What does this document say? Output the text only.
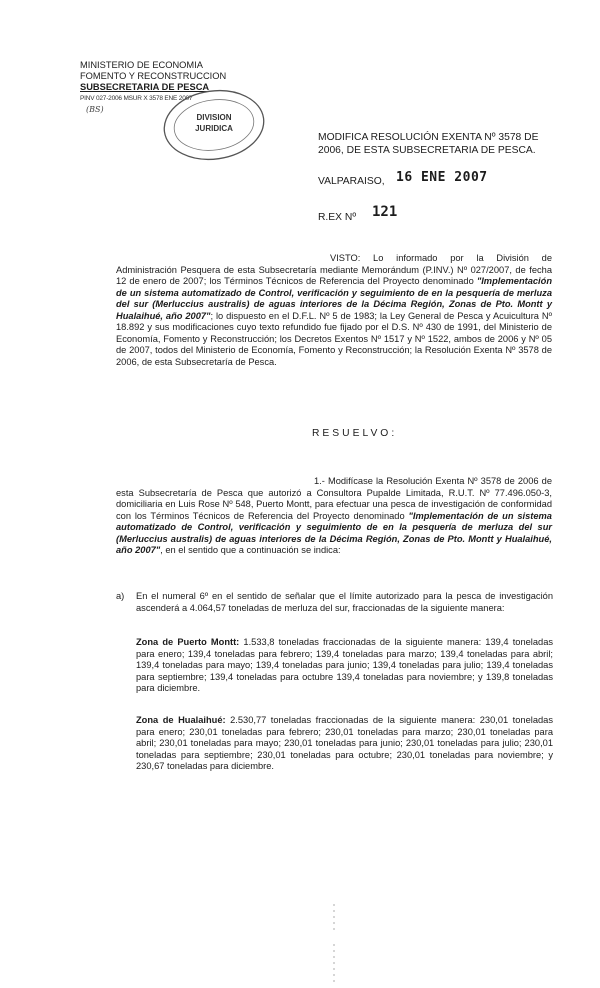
MINISTERIO DE ECONOMIA
FOMENTO Y RECONSTRUCCION
SUBSECRETARIA DE PESCA
PINV 027-2006 MSUR X 3578 ENE 2007
(BS)
DIVISION
JURIDICA
MODIFICA RESOLUCIÓN EXENTA Nº 3578 DE 2006, DE ESTA SUBSECRETARIA DE PESCA.
VALPARAISO, 16 ENE 2007
R.EX Nº 121
VISTO: Lo informado por la División de Administración Pesquera de esta Subsecretaría mediante Memorándum (P.INV.) Nº 027/2007, de fecha 12 de enero de 2007; los Términos Técnicos de Referencia del Proyecto denominado "Implementación de un sistema automatizado de Control, verificación y seguimiento de en la pesquería de merluza del sur (Merluccius australis) de aguas interiores de la Décima Región, Zonas de Pto. Montt y Hualaihué, año 2007"; lo dispuesto en el D.F.L. Nº 5 de 1983; la Ley General de Pesca y Acuicultura Nº 18.892 y sus modificaciones cuyo texto refundido fue fijado por el D.S. Nº 430 de 1991, del Ministerio de Economía, Fomento y Reconstrucción; los Decretos Exentos Nº 1517 y Nº 1522, ambos de 2006 y Nº 05 de 2007, todos del Ministerio de Economía, Fomento y Reconstrucción; la Resolución Exenta Nº 3578 de 2006, de esta Subsecretaría de Pesca.
RESUELVO:
1.- Modifícase la Resolución Exenta Nº 3578 de 2006 de esta Subsecretaría de Pesca que autorizó a Consultora Pupalde Limitada, R.U.T. Nº 77.496.050-3, domiciliaria en Luis Rose Nº 548, Puerto Montt, para efectuar una pesca de investigación de conformidad con los Términos Técnicos de Referencia del Proyecto denominado "Implementación de un sistema automatizado de Control, verificación y seguimiento de en la pesquería de merluza del sur (Merluccius australis) de aguas interiores de la Décima Región, Zonas de Pto. Montt y Hualaihué, año 2007", en el sentido que a continuación se indica:
a) En el numeral 6º en el sentido de señalar que el límite autorizado para la pesca de investigación ascenderá a 4.064,57 toneladas de merluza del sur, fraccionadas de la siguiente manera:
Zona de Puerto Montt: 1.533,8 toneladas fraccionadas de la siguiente manera: 139,4 toneladas para enero; 139,4 toneladas para febrero; 139,4 toneladas para marzo; 139,4 toneladas para abril; 139,4 toneladas para mayo; 139,4 toneladas para junio; 139,4 toneladas para julio; 139,4 toneladas para septiembre; 139,4 toneladas para octubre 139,4 toneladas para noviembre; y 139,8 toneladas para diciembre.
Zona de Hualaihué: 2.530,77 toneladas fraccionadas de la siguiente manera: 230,01 toneladas para enero; 230,01 toneladas para febrero; 230,01 toneladas para marzo; 230,01 toneladas para abril; 230,01 toneladas para mayo; 230,01 toneladas para junio; 230,01 toneladas para julio; 230,01 toneladas para septiembre; 230,01 toneladas para octubre; 230,01 toneladas para noviembre; y 230,67 toneladas para diciembre.
